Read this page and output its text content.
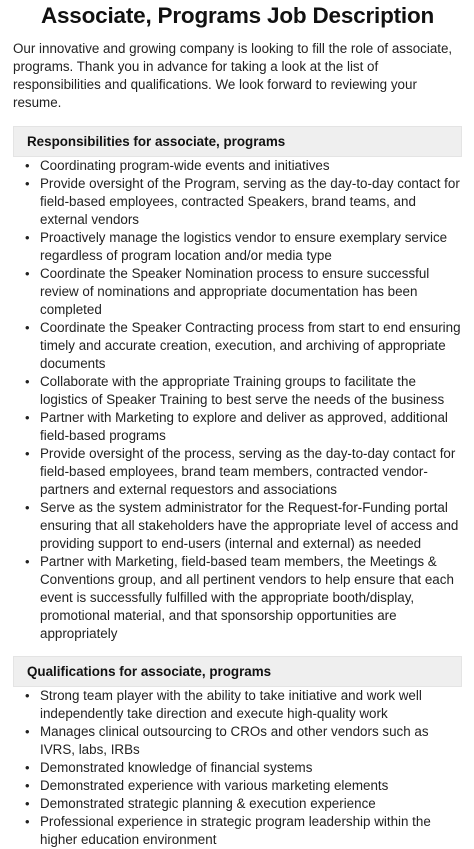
Associate, Programs Job Description

Our innovative and growing company is looking to fill the role of associate, programs. Thank you in advance for taking a look at the list of responsibilities and qualifications. We look forward to reviewing your resume.

Responsibilities for associate, programs
• Coordinating program-wide events and initiatives
• Provide oversight of the Program, serving as the day-to-day contact for field-based employees, contracted Speakers, brand teams, and external vendors
• Proactively manage the logistics vendor to ensure exemplary service regardless of program location and/or media type
• Coordinate the Speaker Nomination process to ensure successful review of nominations and appropriate documentation has been completed
• Coordinate the Speaker Contracting process from start to end ensuring timely and accurate creation, execution, and archiving of appropriate documents
• Collaborate with the appropriate Training groups to facilitate the logistics of Speaker Training to best serve the needs of the business
• Partner with Marketing to explore and deliver as approved, additional field-based programs
• Provide oversight of the process, serving as the day-to-day contact for field-based employees, brand team members, contracted vendor-partners and external requestors and associations
• Serve as the system administrator for the Request-for-Funding portal ensuring that all stakeholders have the appropriate level of access and providing support to end-users (internal and external) as needed
• Partner with Marketing, field-based team members, the Meetings & Conventions group, and all pertinent vendors to help ensure that each event is successfully fulfilled with the appropriate booth/display, promotional material, and that sponsorship opportunities are appropriately
Qualifications for associate, programs
• Strong team player with the ability to take initiative and work well independently take direction and execute high-quality work
• Manages clinical outsourcing to CROs and other vendors such as IVRS, labs, IRBs
• Demonstrated knowledge of financial systems
• Demonstrated experience with various marketing elements
• Demonstrated strategic planning & execution experience
• Professional experience in strategic program leadership within the higher education environment
